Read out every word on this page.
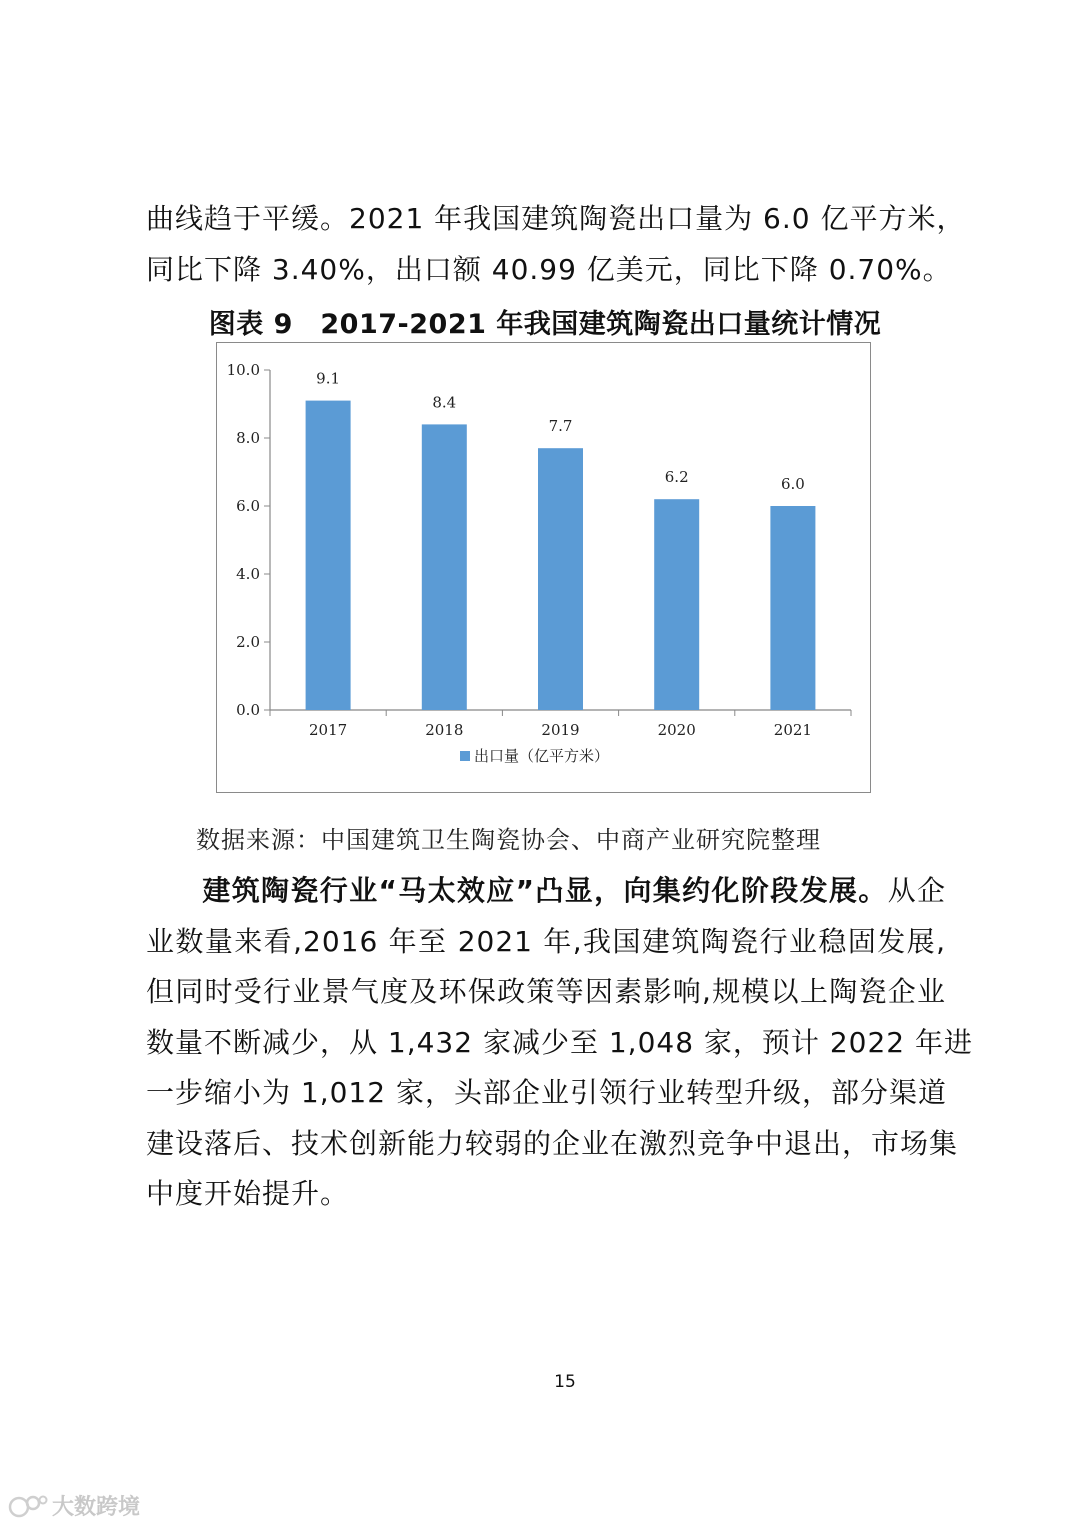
曲线趋于平缓。2021 年我国建筑陶瓷出口量为 6.0 亿平方米，
同比下降 3.40%，出口额 40.99 亿美元，同比下降 0.70%。

图表 9　2017-2021 年我国建筑陶瓷出口量统计情况

0.0
2.0
4.0
6.0
8.0
10.0	9.1
2017
8.4
2018
7.7
2019
6.2
2020
6.0
2021
出口量（亿平方米）

数据来源：中国建筑卫生陶瓷协会、中商产业研究院整理

建筑陶瓷行业“马太效应”凸显，向集约化阶段发展。从企
业数量来看,2016 年至 2021 年,我国建筑陶瓷行业稳固发展,
但同时受行业景气度及环保政策等因素影响,规模以上陶瓷企业
数量不断减少，从 1,432 家减少至 1,048 家，预计 2022 年进
一步缩小为 1,012 家，头部企业引领行业转型升级，部分渠道
建设落后、技术创新能力较弱的企业在激烈竞争中退出，市场集
中度开始提升。

15

大数跨境
